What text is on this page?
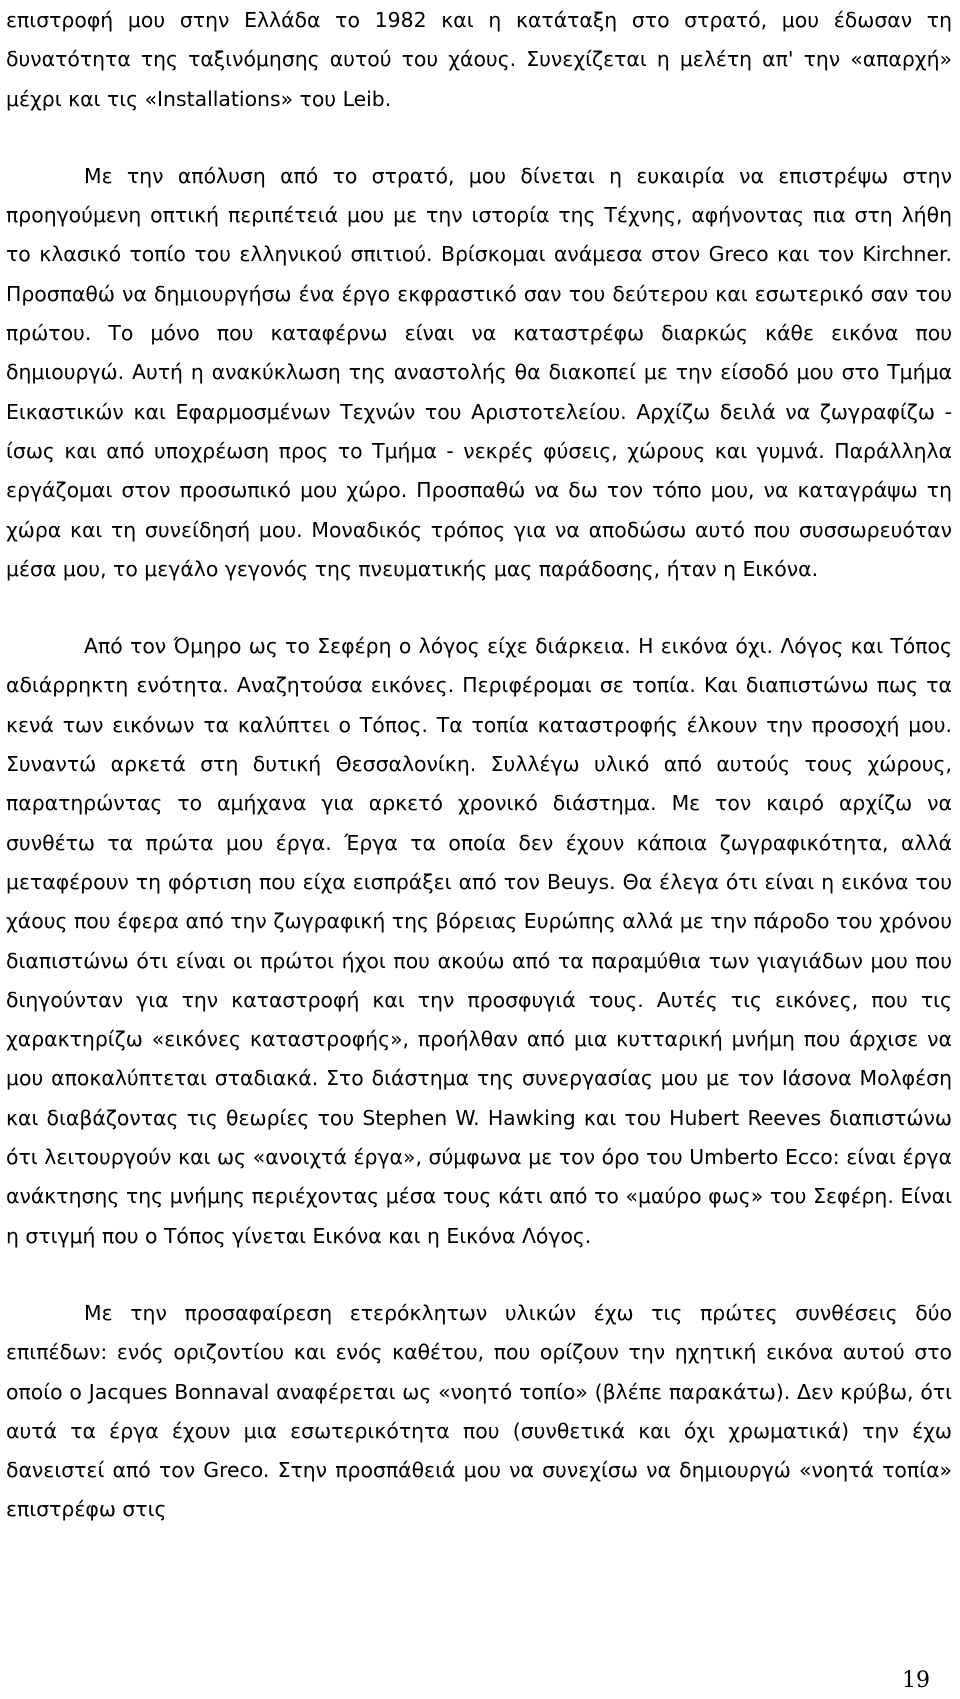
επιστροφή μου στην Ελλάδα το 1982 και η κατάταξη στο στρατό, μου έδωσαν τη δυνατότητα της ταξινόμησης αυτού του χάους. Συνεχίζεται η μελέτη απ' την «απαρχή» μέχρι και τις «Installations» του Leib.

Με την απόλυση από το στρατό, μου δίνεται η ευκαιρία να επιστρέψω στην προηγούμενη οπτική περιπέτειά μου με την ιστορία της Τέχνης, αφήνοντας πια στη λήθη το κλασικό τοπίο του ελληνικού σπιτιού. Βρίσκομαι ανάμεσα στον Greco και τον Kirchner. Προσπαθώ να δημιουργήσω ένα έργο εκφραστικό σαν του δεύτερου και εσωτερικό σαν του πρώτου. Το μόνο που καταφέρνω είναι να καταστρέφω διαρκώς κάθε εικόνα που δημιουργώ. Αυτή η ανακύκλωση της αναστολής θα διακοπεί με την είσοδό μου στο Τμήμα Εικαστικών και Εφαρμοσμένων Τεχνών του Αριστοτελείου. Αρχίζω δειλά να ζωγραφίζω - ίσως και από υποχρέωση προς το Τμήμα - νεκρές φύσεις, χώρους και γυμνά. Παράλληλα εργάζομαι στον προσωπικό μου χώρο. Προσπαθώ να δω τον τόπο μου, να καταγράψω τη χώρα και τη συνείδησή μου. Μοναδικός τρόπος για να αποδώσω αυτό που συσσωρευόταν μέσα μου, το μεγάλο γεγονός της πνευματικής μας παράδοσης, ήταν η Εικόνα.

Από τον Όμηρο ως το Σεφέρη ο λόγος είχε διάρκεια. Η εικόνα όχι. Λόγος και Τόπος αδιάρρηκτη ενότητα. Αναζητούσα εικόνες. Περιφέρομαι σε τοπία. Και διαπιστώνω πως τα κενά των εικόνων τα καλύπτει ο Τόπος. Τα τοπία καταστροφής έλκουν την προσοχή μου. Συναντώ αρκετά στη δυτική Θεσσαλονίκη. Συλλέγω υλικό από αυτούς τους χώρους, παρατηρώντας το αμήχανα για αρκετό χρονικό διάστημα. Με τον καιρό αρχίζω να συνθέτω τα πρώτα μου έργα. Έργα τα οποία δεν έχουν κάποια ζωγραφικότητα, αλλά μεταφέρουν τη φόρτιση που είχα εισπράξει από τον Beuys. Θα έλεγα ότι είναι η εικόνα του χάους που έφερα από την ζωγραφική της βόρειας Ευρώπης αλλά με την πάροδο του χρόνου διαπιστώνω ότι είναι οι πρώτοι ήχοι που ακούω από τα παραμύθια των γιαγιάδων μου που διηγούνταν για την καταστροφή και την προσφυγιά τους. Αυτές τις εικόνες, που τις χαρακτηρίζω «εικόνες καταστροφής», προήλθαν από μια κυτταρική μνήμη που άρχισε να μου αποκαλύπτεται σταδιακά. Στο διάστημα της συνεργασίας μου με τον Ιάσονα Μολφέση και διαβάζοντας τις θεωρίες του Stephen W. Hawking και του Hubert Reeves διαπιστώνω ότι λειτουργούν και ως «ανοιχτά έργα», σύμφωνα με τον όρο του Umberto Ecco: είναι έργα ανάκτησης της μνήμης περιέχοντας μέσα τους κάτι από το «μαύρο φως» του Σεφέρη. Είναι η στιγμή που ο Τόπος γίνεται Εικόνα και η Εικόνα Λόγος.

Με την προσαφαίρεση ετερόκλητων υλικών έχω τις πρώτες συνθέσεις δύο επιπέδων: ενός οριζοντίου και ενός καθέτου, που ορίζουν την ηχητική εικόνα αυτού στο οποίο ο Jacques Bonnaval αναφέρεται ως «νοητό τοπίο» (βλέπε παρακάτω). Δεν κρύβω, ότι αυτά τα έργα έχουν μια εσωτερικότητα που (συνθετικά και όχι χρωματικά) την έχω δανειστεί από τον Greco. Στην προσπάθειά μου να συνεχίσω να δημιουργώ «νοητά τοπία» επιστρέφω στις

19
